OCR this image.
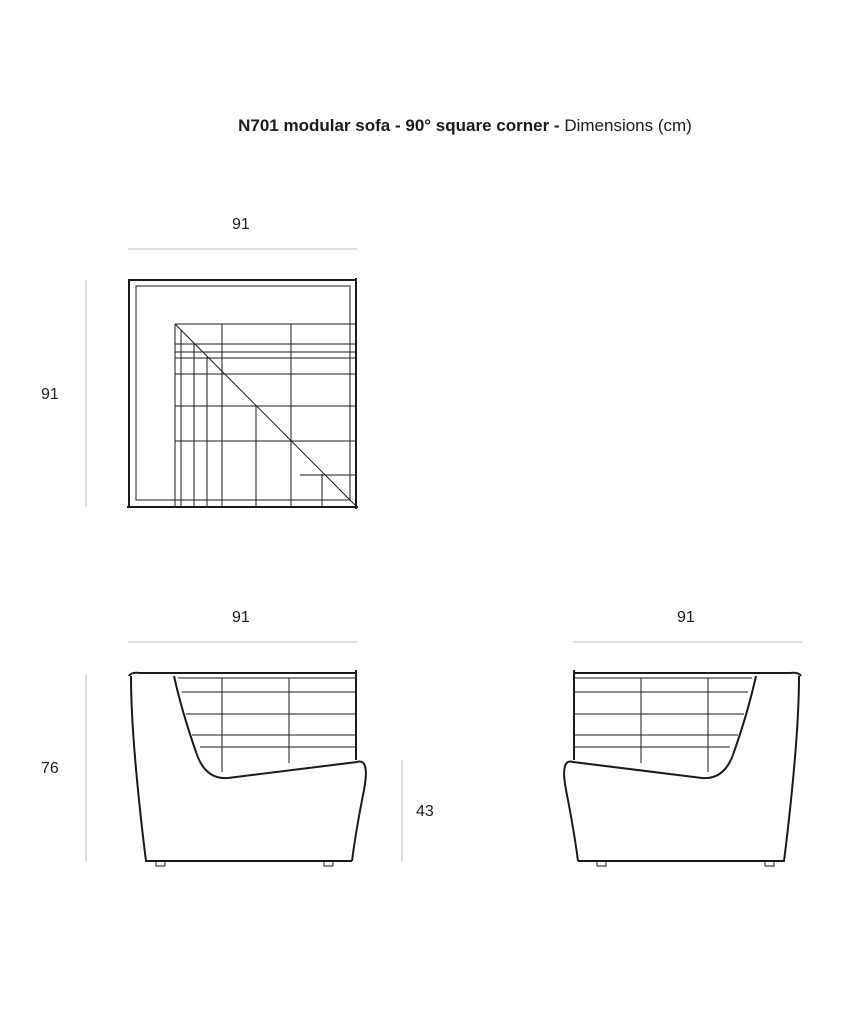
N701 modular sofa - 90° square corner - Dimensions (cm)
91
91
91
76
43
91
